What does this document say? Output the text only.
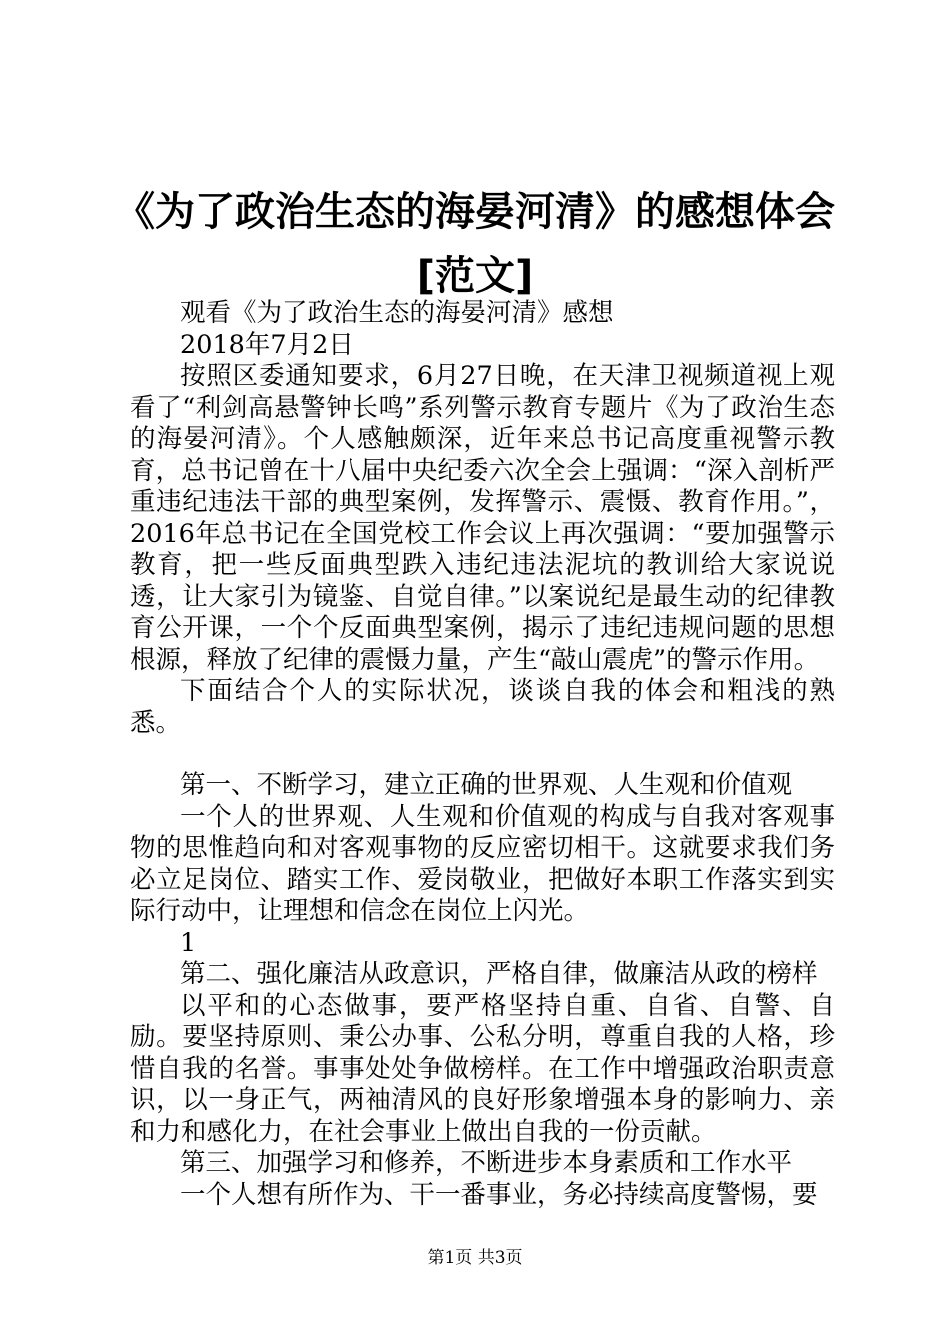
《为了政治生态的海晏河清》的感想体会[范文]

观看《为了政治生态的海晏河清》感想

2018年7月2日

按照区委通知要求，6月27日晚，在天津卫视频道视上观看了“利剑高悬警钟长鸣”系列警示教育专题片《为了政治生态的海晏河清》。个人感触颇深，近年来总书记高度重视警示教育，总书记曾在十八届中央纪委六次全会上强调：“深入剖析严重违纪违法干部的典型案例，发挥警示、震慑、教育作用。”，2016年总书记在全国党校工作会议上再次强调：“要加强警示教育，把一些反面典型跌入违纪违法泥坑的教训给大家说说透，让大家引为镜鉴、自觉自律。”以案说纪是最生动的纪律教育公开课，一个个反面典型案例，揭示了违纪违规问题的思想根源，释放了纪律的震慑力量，产生“敲山震虎”的警示作用。

下面结合个人的实际状况，谈谈自我的体会和粗浅的熟悉。

第一、不断学习，建立正确的世界观、人生观和价值观

一个人的世界观、人生观和价值观的构成与自我对客观事物的思惟趋向和对客观事物的反应密切相干。这就要求我们务必立足岗位、踏实工作、爱岗敬业，把做好本职工作落实到实际行动中，让理想和信念在岗位上闪光。

1

第二、强化廉洁从政意识，严格自律，做廉洁从政的榜样

以平和的心态做事，要严格坚持自重、自省、自警、自励。要坚持原则、秉公办事、公私分明，尊重自我的人格，珍惜自我的名誉。事事处处争做榜样。在工作中增强政治职责意识，以一身正气，两袖清风的良好形象增强本身的影响力、亲和力和感化力，在社会事业上做出自我的一份贡献。

第三、加强学习和修养，不断进步本身素质和工作水平

一个人想有所作为、干一番事业，务必持续高度警惕，要

第1页 共3页
